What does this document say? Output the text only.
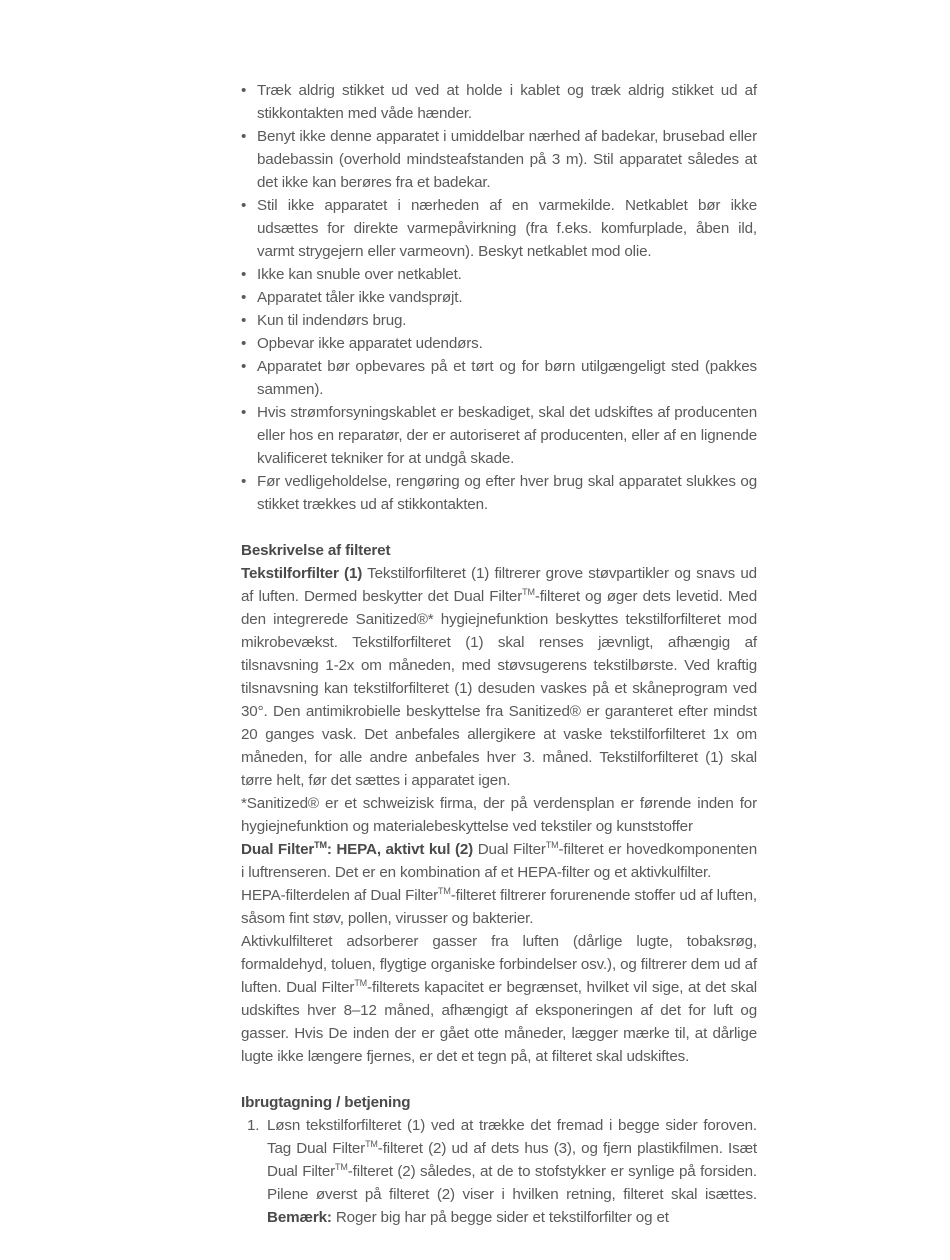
• Træk aldrig stikket ud ved at holde i kablet og træk aldrig stikket ud af stikkontakten med våde hænder.
• Benyt ikke denne apparatet i umiddelbar nærhed af badekar, brusebad eller badebassin (overhold mindsteafstanden på 3 m). Stil apparatet således at det ikke kan berøres fra et badekar.
• Stil ikke apparatet i nærheden af en varmekilde. Netkablet bør ikke udsættes for direkte varmepåvirkning (fra f.eks. komfurplade, åben ild, varmt strygejern eller varmeovn). Beskyt netkablet mod olie.
• Ikke kan snuble over netkablet.
• Apparatet tåler ikke vandsprøjt.
• Kun til indendørs brug.
• Opbevar ikke apparatet udendørs.
• Apparatet bør opbevares på et tørt og for børn utilgængeligt sted (pakkes sammen).
• Hvis strømforsyningskablet er beskadiget, skal det udskiftes af producenten eller hos en reparatør, der er autoriseret af producenten, eller af en lignende kvalificeret tekniker for at undgå skade.
• Før vedligeholdelse, rengøring og efter hver brug skal apparatet slukkes og stikket trækkes ud af stikkontakten.
Beskrivelse af filteret

Tekstilforfilter (1) Tekstilforfilteret (1) filtrerer grove støvpartikler og snavs ud af luften. Dermed beskytter det Dual Filter™-filteret og øger dets levetid. Med den integrerede Sanitized®* hygiejnefunktion beskyttes tekstilforfilteret mod mikrobevækst. Tekstilforfilteret (1) skal renses jævnligt, afhængig af tilsnavsning 1-2x om måneden, med støvsugerens tekstilbørste. Ved kraftig tilsnavsning kan tekstilforfilteret (1) desuden vaskes på et skåneprogram ved 30°. Den antimikrobielle beskyttelse fra Sanitized® er garanteret efter mindst 20 ganges vask. Det anbefales allergikere at vaske tekstilforfilteret 1x om måneden, for alle andre anbefales hver 3. måned. Tekstilforfilteret (1) skal tørre helt, før det sættes i apparatet igen.

*Sanitized® er et schweizisk firma, der på verdensplan er førende inden for hygiejnefunktion og materialebeskyttelse ved tekstiler og kunststoffer

Dual Filter™: HEPA, aktivt kul (2) Dual Filter™-filteret er hovedkomponenten i luftrenseren. Det er en kombination af et HEPA-filter og et aktivkulfilter.

HEPA-filterdelen af Dual Filter™-filteret filtrerer forurenende stoffer ud af luften, såsom fint støv, pollen, virusser og bakterier.

Aktivkulfilteret adsorberer gasser fra luften (dårlige lugte, tobaksrøg, formaldehyd, toluen, flygtige organiske forbindelser osv.), og filtrerer dem ud af luften. Dual Filter™-filterets kapacitet er begrænset, hvilket vil sige, at det skal udskiftes hver 8–12 måned, afhængigt af eksponeringen af det for luft og gasser. Hvis De inden der er gået otte måneder, lægger mærke til, at dårlige lugte ikke længere fjernes, er det et tegn på, at filteret skal udskiftes.

Ibrugtagning / betjening
1. Løsn tekstilforfilteret (1) ved at trække det fremad i begge sider foroven. Tag Dual Filter™-filteret (2) ud af dets hus (3), og fjern plastikfilmen. Isæt Dual Filter™-filteret (2) således, at de to stofstykker er synlige på forsiden. Pilene øverst på filteret (2) viser i hvilken retning, filteret skal isættes. Bemærk: Roger big har på begge sider et tekstilforfilter og et
